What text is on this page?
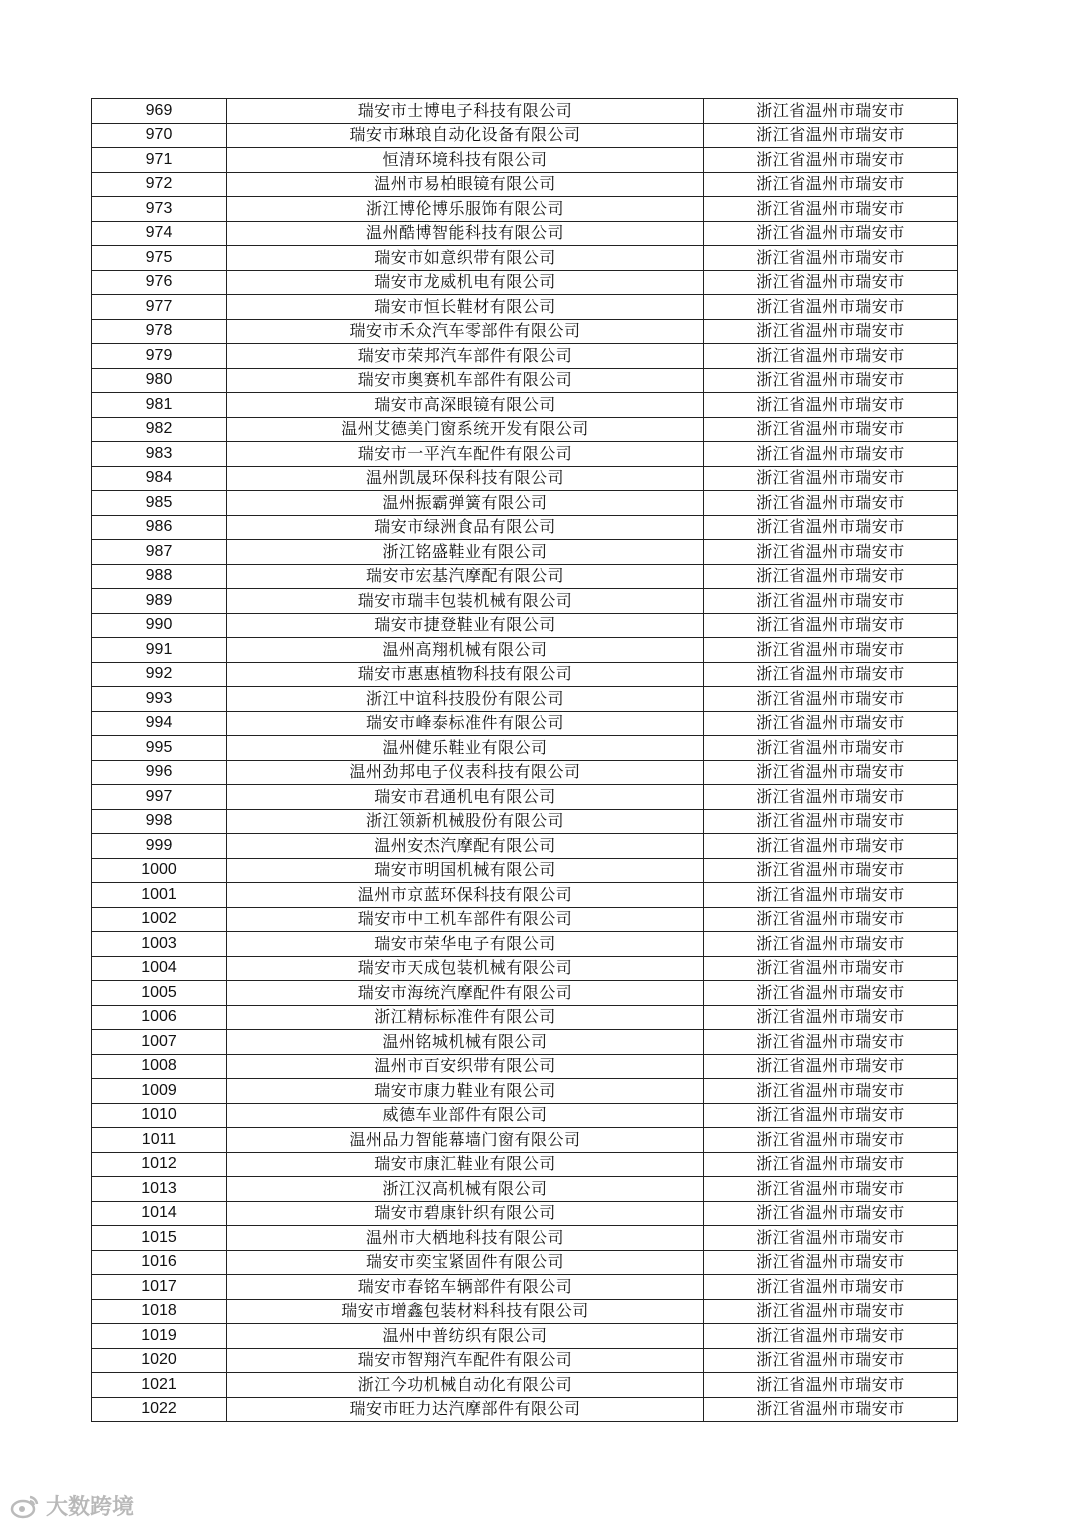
969	瑞安市士博电子科技有限公司	浙江省温州市瑞安市
970	瑞安市琳琅自动化设备有限公司	浙江省温州市瑞安市
971	恒清环境科技有限公司	浙江省温州市瑞安市
972	温州市易柏眼镜有限公司	浙江省温州市瑞安市
973	浙江博伦博乐服饰有限公司	浙江省温州市瑞安市
974	温州酷博智能科技有限公司	浙江省温州市瑞安市
975	瑞安市如意织带有限公司	浙江省温州市瑞安市
976	瑞安市龙威机电有限公司	浙江省温州市瑞安市
977	瑞安市恒长鞋材有限公司	浙江省温州市瑞安市
978	瑞安市禾众汽车零部件有限公司	浙江省温州市瑞安市
979	瑞安市荣邦汽车部件有限公司	浙江省温州市瑞安市
980	瑞安市奥赛机车部件有限公司	浙江省温州市瑞安市
981	瑞安市高深眼镜有限公司	浙江省温州市瑞安市
982	温州艾德美门窗系统开发有限公司	浙江省温州市瑞安市
983	瑞安市一平汽车配件有限公司	浙江省温州市瑞安市
984	温州凯晟环保科技有限公司	浙江省温州市瑞安市
985	温州振霸弹簧有限公司	浙江省温州市瑞安市
986	瑞安市绿洲食品有限公司	浙江省温州市瑞安市
987	浙江铭盛鞋业有限公司	浙江省温州市瑞安市
988	瑞安市宏基汽摩配有限公司	浙江省温州市瑞安市
989	瑞安市瑞丰包装机械有限公司	浙江省温州市瑞安市
990	瑞安市捷登鞋业有限公司	浙江省温州市瑞安市
991	温州高翔机械有限公司	浙江省温州市瑞安市
992	瑞安市惠惠植物科技有限公司	浙江省温州市瑞安市
993	浙江中谊科技股份有限公司	浙江省温州市瑞安市
994	瑞安市峰泰标准件有限公司	浙江省温州市瑞安市
995	温州健乐鞋业有限公司	浙江省温州市瑞安市
996	温州劲邦电子仪表科技有限公司	浙江省温州市瑞安市
997	瑞安市君通机电有限公司	浙江省温州市瑞安市
998	浙江领新机械股份有限公司	浙江省温州市瑞安市
999	温州安杰汽摩配有限公司	浙江省温州市瑞安市
1000	瑞安市明国机械有限公司	浙江省温州市瑞安市
1001	温州市京蓝环保科技有限公司	浙江省温州市瑞安市
1002	瑞安市中工机车部件有限公司	浙江省温州市瑞安市
1003	瑞安市荣华电子有限公司	浙江省温州市瑞安市
1004	瑞安市天成包装机械有限公司	浙江省温州市瑞安市
1005	瑞安市海统汽摩配件有限公司	浙江省温州市瑞安市
1006	浙江精标标准件有限公司	浙江省温州市瑞安市
1007	温州铭城机械有限公司	浙江省温州市瑞安市
1008	温州市百安织带有限公司	浙江省温州市瑞安市
1009	瑞安市康力鞋业有限公司	浙江省温州市瑞安市
1010	威德车业部件有限公司	浙江省温州市瑞安市
1011	温州品力智能幕墙门窗有限公司	浙江省温州市瑞安市
1012	瑞安市康汇鞋业有限公司	浙江省温州市瑞安市
1013	浙江汉高机械有限公司	浙江省温州市瑞安市
1014	瑞安市碧康针织有限公司	浙江省温州市瑞安市
1015	温州市大栖地科技有限公司	浙江省温州市瑞安市
1016	瑞安市奕宝紧固件有限公司	浙江省温州市瑞安市
1017	瑞安市春铭车辆部件有限公司	浙江省温州市瑞安市
1018	瑞安市增鑫包装材料科技有限公司	浙江省温州市瑞安市
1019	温州中普纺织有限公司	浙江省温州市瑞安市
1020	瑞安市智翔汽车配件有限公司	浙江省温州市瑞安市
1021	浙江今功机械自动化有限公司	浙江省温州市瑞安市
1022	瑞安市旺力达汽摩部件有限公司	浙江省温州市瑞安市
大数跨境
